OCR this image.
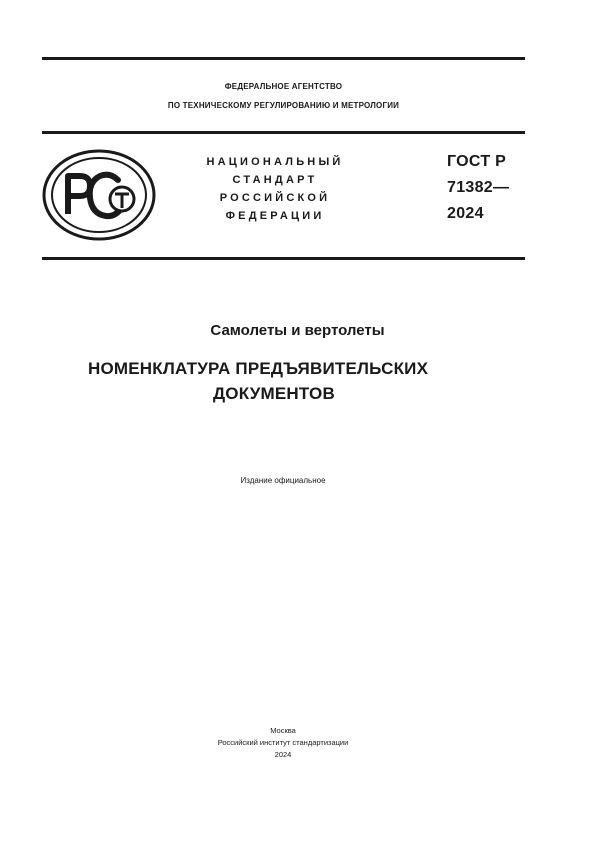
ФЕДЕРАЛЬНОЕ АГЕНТСТВО
ПО ТЕХНИЧЕСКОМУ РЕГУЛИРОВАНИЮ И МЕТРОЛОГИИ
РСТ
НАЦИОНАЛЬНЫЙ
СТАНДАРТ
РОССИЙСКОЙ
ФЕДЕРАЦИИ
ГОСТ Р
71382—
2024
Самолеты и вертолеты
НОМЕНКЛАТУРА ПРЕДЪЯВИТЕЛЬСКИХ
ДОКУМЕНТОВ
Издание официальное
Москва
Российский институт стандартизации
2024
